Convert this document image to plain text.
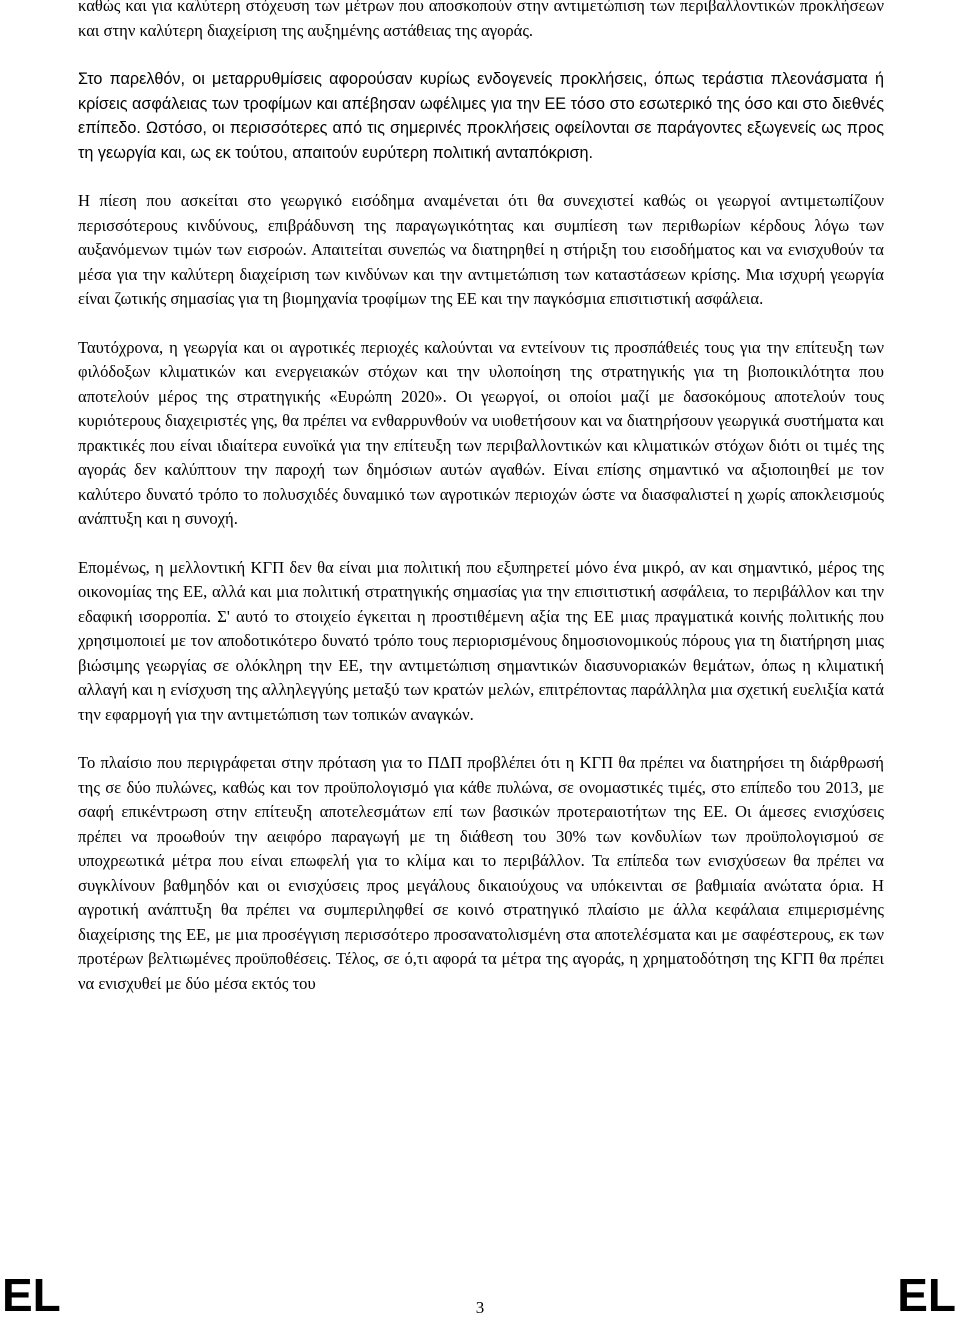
καθώς και για καλύτερη στόχευση των μέτρων που αποσκοπούν στην αντιμετώπιση των περιβαλλοντικών προκλήσεων και στην καλύτερη διαχείριση της αυξημένης αστάθειας της αγοράς.

Στο παρελθόν, οι μεταρρυθμίσεις αφορούσαν κυρίως ενδογενείς προκλήσεις, όπως τεράστια πλεονάσματα ή κρίσεις ασφάλειας των τροφίμων και απέβησαν ωφέλιμες για την ΕΕ τόσο στο εσωτερικό της όσο και στο διεθνές επίπεδο. Ωστόσο, οι περισσότερες από τις σημερινές προκλήσεις οφείλονται σε παράγοντες εξωγενείς ως προς τη γεωργία και, ως εκ τούτου, απαιτούν ευρύτερη πολιτική ανταπόκριση.

Η πίεση που ασκείται στο γεωργικό εισόδημα αναμένεται ότι θα συνεχιστεί καθώς οι γεωργοί αντιμετωπίζουν περισσότερους κινδύνους, επιβράδυνση της παραγωγικότητας και συμπίεση των περιθωρίων κέρδους λόγω των αυξανόμενων τιμών των εισροών. Απαιτείται συνεπώς να διατηρηθεί η στήριξη του εισοδήματος και να ενισχυθούν τα μέσα για την καλύτερη διαχείριση των κινδύνων και την αντιμετώπιση των καταστάσεων κρίσης. Μια ισχυρή γεωργία είναι ζωτικής σημασίας για τη βιομηχανία τροφίμων της ΕΕ και την παγκόσμια επισιτιστική ασφάλεια.

Ταυτόχρονα, η γεωργία και οι αγροτικές περιοχές καλούνται να εντείνουν τις προσπάθειές τους για την επίτευξη των φιλόδοξων κλιματικών και ενεργειακών στόχων και την υλοποίηση της στρατηγικής για τη βιοποικιλότητα που αποτελούν μέρος της στρατηγικής «Ευρώπη 2020». Οι γεωργοί, οι οποίοι μαζί με δασοκόμους αποτελούν τους κυριότερους διαχειριστές γης, θα πρέπει να ενθαρρυνθούν να υιοθετήσουν και να διατηρήσουν γεωργικά συστήματα και πρακτικές που είναι ιδιαίτερα ευνοϊκά για την επίτευξη των περιβαλλοντικών και κλιματικών στόχων διότι οι τιμές της αγοράς δεν καλύπτουν την παροχή των δημόσιων αυτών αγαθών. Είναι επίσης σημαντικό να αξιοποιηθεί με τον καλύτερο δυνατό τρόπο το πολυσχιδές δυναμικό των αγροτικών περιοχών ώστε να διασφαλιστεί η χωρίς αποκλεισμούς ανάπτυξη και η συνοχή.

Επομένως, η μελλοντική ΚΓΠ δεν θα είναι μια πολιτική που εξυπηρετεί μόνο ένα μικρό, αν και σημαντικό, μέρος της οικονομίας της ΕΕ, αλλά και μια πολιτική στρατηγικής σημασίας για την επισιτιστική ασφάλεια, το περιβάλλον και την εδαφική ισορροπία. Σ' αυτό το στοιχείο έγκειται η προστιθέμενη αξία της ΕΕ μιας πραγματικά κοινής πολιτικής που χρησιμοποιεί με τον αποδοτικότερο δυνατό τρόπο τους περιορισμένους δημοσιονομικούς πόρους για τη διατήρηση μιας βιώσιμης γεωργίας σε ολόκληρη την ΕΕ, την αντιμετώπιση σημαντικών διασυνοριακών θεμάτων, όπως η κλιματική αλλαγή και η ενίσχυση της αλληλεγγύης μεταξύ των κρατών μελών, επιτρέποντας παράλληλα μια σχετική ευελιξία κατά την εφαρμογή για την αντιμετώπιση των τοπικών αναγκών.

Το πλαίσιο που περιγράφεται στην πρόταση για το ΠΔΠ προβλέπει ότι η ΚΓΠ θα πρέπει να διατηρήσει τη διάρθρωσή της σε δύο πυλώνες, καθώς και τον προϋπολογισμό για κάθε πυλώνα, σε ονομαστικές τιμές, στο επίπεδο του 2013, με σαφή επικέντρωση στην επίτευξη αποτελεσμάτων επί των βασικών προτεραιοτήτων της ΕΕ. Οι άμεσες ενισχύσεις πρέπει να προωθούν την αειφόρο παραγωγή με τη διάθεση του 30% των κονδυλίων των προϋπολογισμού σε υποχρεωτικά μέτρα που είναι επωφελή για το κλίμα και το περιβάλλον. Τα επίπεδα των ενισχύσεων θα πρέπει να συγκλίνουν βαθμηδόν και οι ενισχύσεις προς μεγάλους δικαιούχους να υπόκεινται σε βαθμιαία ανώτατα όρια. Η αγροτική ανάπτυξη θα πρέπει να συμπεριληφθεί σε κοινό στρατηγικό πλαίσιο με άλλα κεφάλαια επιμερισμένης διαχείρισης της ΕΕ, με μια προσέγγιση περισσότερο προσανατολισμένη στα αποτελέσματα και με σαφέστερους, εκ των προτέρων βελτιωμένες προϋποθέσεις. Τέλος, σε ό,τι αφορά τα μέτρα της αγοράς, η χρηματοδότηση της ΚΓΠ θα πρέπει να ενισχυθεί με δύο μέσα εκτός του

EL	3	EL
